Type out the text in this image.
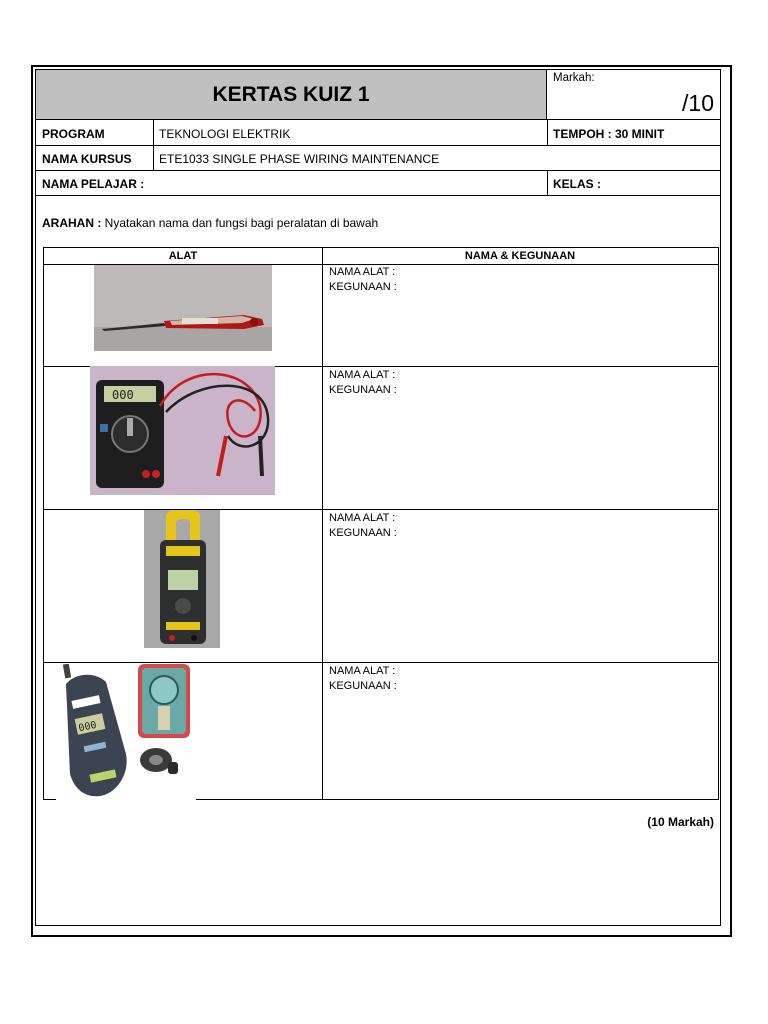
KERTAS KUIZ 1
Markah:
/10
PROGRAM	TEKNOLOGI ELEKTRIK	TEMPOH : 30 MINIT
NAMA KURSUS ETE1033 SINGLE PHASE WIRING MAINTENANCE
NAMA PELAJAR :	KELAS :
ARAHAN : Nyatakan nama dan fungsi bagi peralatan di bawah
ALAT	NAMA & KEGUNAAN
NAMA ALAT :
KEGUNAAN :
000
NAMA ALAT :
KEGUNAAN :
NAMA ALAT :
KEGUNAAN :
000
NAMA ALAT :
KEGUNAAN :
(10 Markah)
